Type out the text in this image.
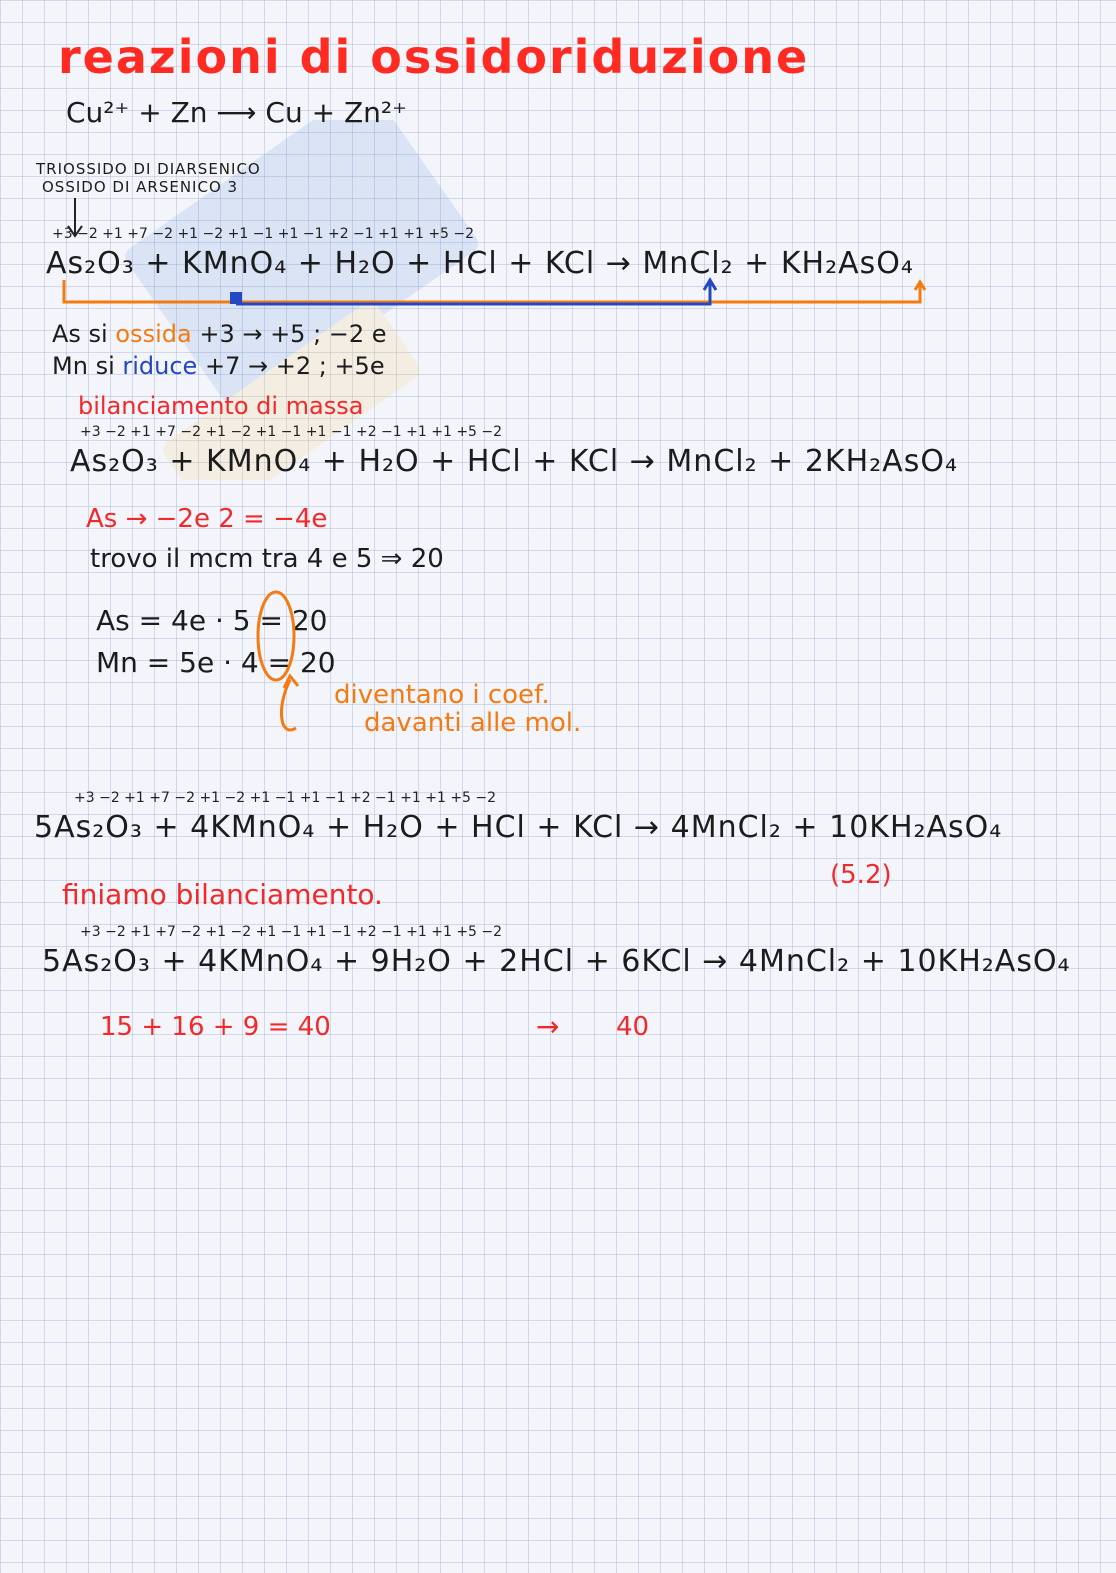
reazioni di ossidoriduzione
Cu²⁺ + Zn ⟶ Cu + Zn²⁺
TRIOSSIDO DI DIARSENICO
OSSIDO DI ARSENICO 3
+3 −2 +1 +7 −2 +1 −2 +1 −1 +1 −1 +2 −1 +1 +1 +5 −2
As₂O₃ + KMnO₄ + H₂O + HCl + KCl → MnCl₂ + KH₂AsO₄
As si ossida +3 → +5 ; −2 e
Mn si riduce +7 → +2 ; +5e
bilanciamento di massa
+3 −2 +1 +7 −2 +1 −2 +1 −1 +1 −1 +2 −1 +1 +1 +5 −2
As₂O₃ + KMnO₄ + H₂O + HCl + KCl → MnCl₂ + 2KH₂AsO₄
As → −2e 2 = −4e
trovo il mcm tra 4 e 5 ⇒ 20
As = 4e · 5 = 20
Mn = 5e · 4 = 20
diventano i coef.
davanti alle mol.
+3 −2 +1 +7 −2 +1 −2 +1 −1 +1 −1 +2 −1 +1 +1 +5 −2
5As₂O₃ + 4KMnO₄ + H₂O + HCl + KCl → 4MnCl₂ + 10KH₂AsO₄
(5.2)
finiamo bilanciamento.
+3 −2 +1 +7 −2 +1 −2 +1 −1 +1 −1 +2 −1 +1 +1 +5 −2
5As₂O₃ + 4KMnO₄ + 9H₂O + 2HCl + 6KCl → 4MnCl₂ + 10KH₂AsO₄
15 + 16 + 9 = 40	→ 40
